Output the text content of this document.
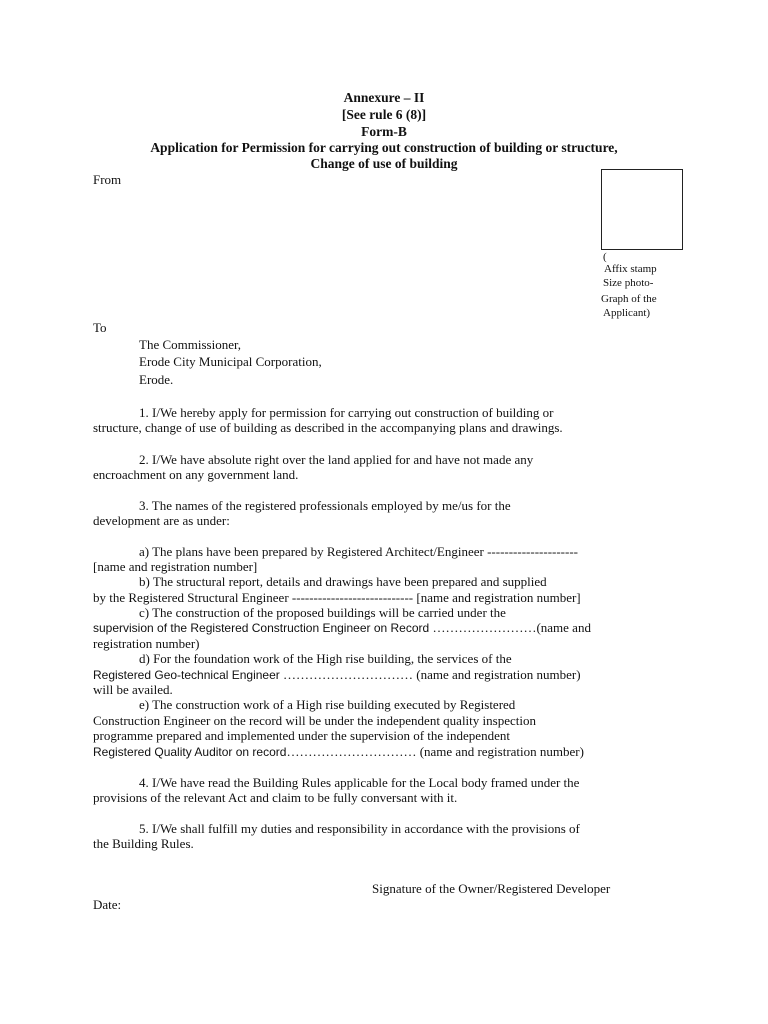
Annexure – II
[See rule 6 (8)]
Form-B
Application for Permission for carrying out construction of building or structure,
Change of use of building
From
(
Affix stamp
Size photo-
Graph of the
Applicant)
To
The Commissioner,
Erode City Municipal Corporation,
Erode.
1. I/We hereby apply for permission for carrying out construction of building or
structure, change of use of building as described in the accompanying plans and drawings.
2. I/We have absolute right over the land applied for and have not made any
encroachment on any government land.
3. The names of the registered professionals employed by me/us for the
development are as under:
a) The plans have been prepared by Registered Architect/Engineer ---------------------
[name and registration number]
b) The structural report, details and drawings have been prepared and supplied
by the Registered Structural Engineer ---------------------------- [name and registration number]
c) The construction of the proposed buildings will be carried under the
supervision of the Registered Construction Engineer on Record ……………………(name and
registration number)
d) For the foundation work of the High rise building, the services of the
Registered Geo-technical Engineer ………………………… (name and registration number)
will be availed.
e) The construction work of a High rise building executed by Registered
Construction Engineer on the record will be under the independent quality inspection
programme prepared and implemented under the supervision of the independent
Registered Quality Auditor on record………………………… (name and registration number)
4. I/We have read the Building Rules applicable for the Local body framed under the
provisions of the relevant Act and claim to be fully conversant with it.
5. I/We shall fulfill my duties and responsibility in accordance with the provisions of
the Building Rules.
Signature of the Owner/Registered Developer
Date:
